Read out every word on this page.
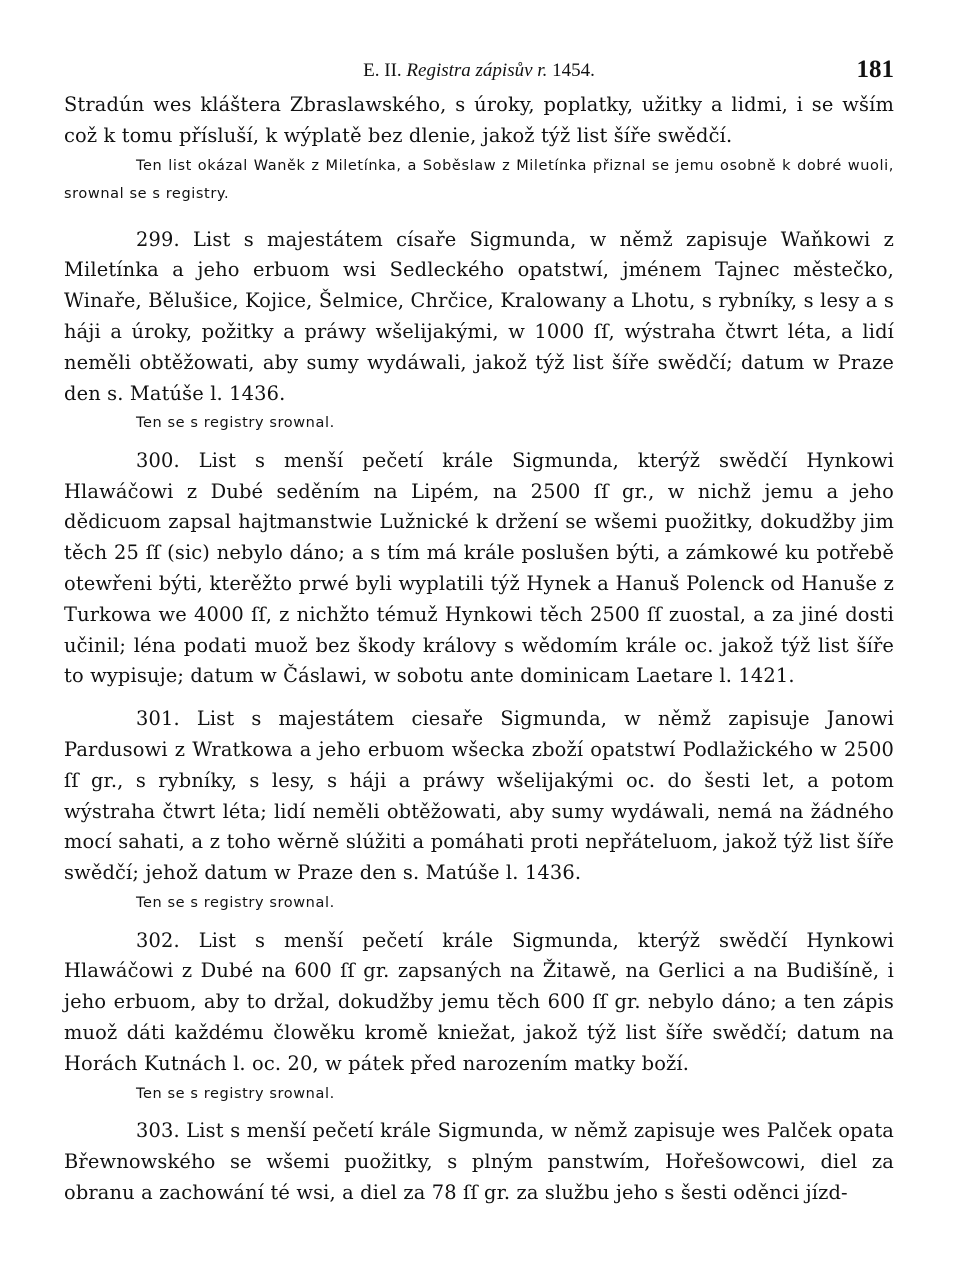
E. II. Registra zápisův r. 1454.	181

Stradún wes kláštera Zbraslawského, s úroky, poplatky, užitky a lidmi, i se wším což k tomu přísluší, k wýplatě bez dlenie, jakož týž list šíře swědčí.

Ten list okázal Waněk z Miletínka, a Soběslaw z Miletínka přiznal se jemu osobně k dobré wuoli, srownal se s registry.

299. List s majestátem císaře Sigmunda, w němž zapisuje Waňkowi z Miletínka a jeho erbuom wsi Sedleckého opatstwí, jménem Tajnec městečko, Winaře, Bělušice, Kojice, Šelmice, Chrčice, Kralowany a Lhotu, s rybníky, s lesy a s háji a úroky, požitky a práwy wšelijakými, w 1000 ſſ, wýstraha čtwrt léta, a lidí neměli obtěžowati, aby sumy wydáwali, jakož týž list šíře swědčí; datum w Praze den s. Matúše l. 1436.

Ten se s registry srownal.

300. List s menší pečetí krále Sigmunda, kterýž swědčí Hynkowi Hlawáčowi z Dubé seděním na Lipém, na 2500 ſſ gr., w nichž jemu a jeho dědicuom zapsal hajtmanstwie Lužnické k držení se wšemi puožitky, dokudžby jim těch 25 ſſ (sic) nebylo dáno; a s tím má krále poslušen býti, a zámkowé ku potřebě otewřeni býti, kterěžto prwé byli wyplatili týž Hynek a Hanuš Polenck od Hanuše z Turkowa we 4000 ſſ, z nichžto témuž Hynkowi těch 2500 ſſ zuostal, a za jiné dosti učinil; léna podati muož bez škody královy s wědomím krále oc. jakož týž list šíře to wypisuje; datum w Čáslawi, w sobotu ante dominicam Laetare l. 1421.

301. List s majestátem ciesaře Sigmunda, w němž zapisuje Janowi Pardusowi z Wratkowa a jeho erbuom wšecka zboží opatstwí Podlažického w 2500 ſſ gr., s rybníky, s lesy, s háji a práwy wšelijakými oc. do šesti let, a potom wýstraha čtwrt léta; lidí neměli obtěžowati, aby sumy wydáwali, nemá na žádného mocí sahati, a z toho wěrně slúžiti a pomáhati proti nepřáteluom, jakož týž list šíře swědčí; jehož datum w Praze den s. Matúše l. 1436.

Ten se s registry srownal.

302. List s menší pečetí krále Sigmunda, kterýž swědčí Hynkowi Hlawáčowi z Dubé na 600 ſſ gr. zapsaných na Žitawě, na Gerlici a na Budišíně, i jeho erbuom, aby to držal, dokudžby jemu těch 600 ſſ gr. nebylo dáno; a ten zápis muož dáti každému člowěku kromě kniežat, jakož týž list šíře swědčí; datum na Horách Kutnách l. oc. 20, w pátek před narozením matky boží.

Ten se s registry srownal.

303. List s menší pečetí krále Sigmunda, w němž zapisuje wes Palček opata Břewnowského se wšemi puožitky, s plným panstwím, Hořešowcowi, diel za obranu a zachowání té wsi, a diel za 78 ſſ gr. za službu jeho s šesti oděnci jízd-
